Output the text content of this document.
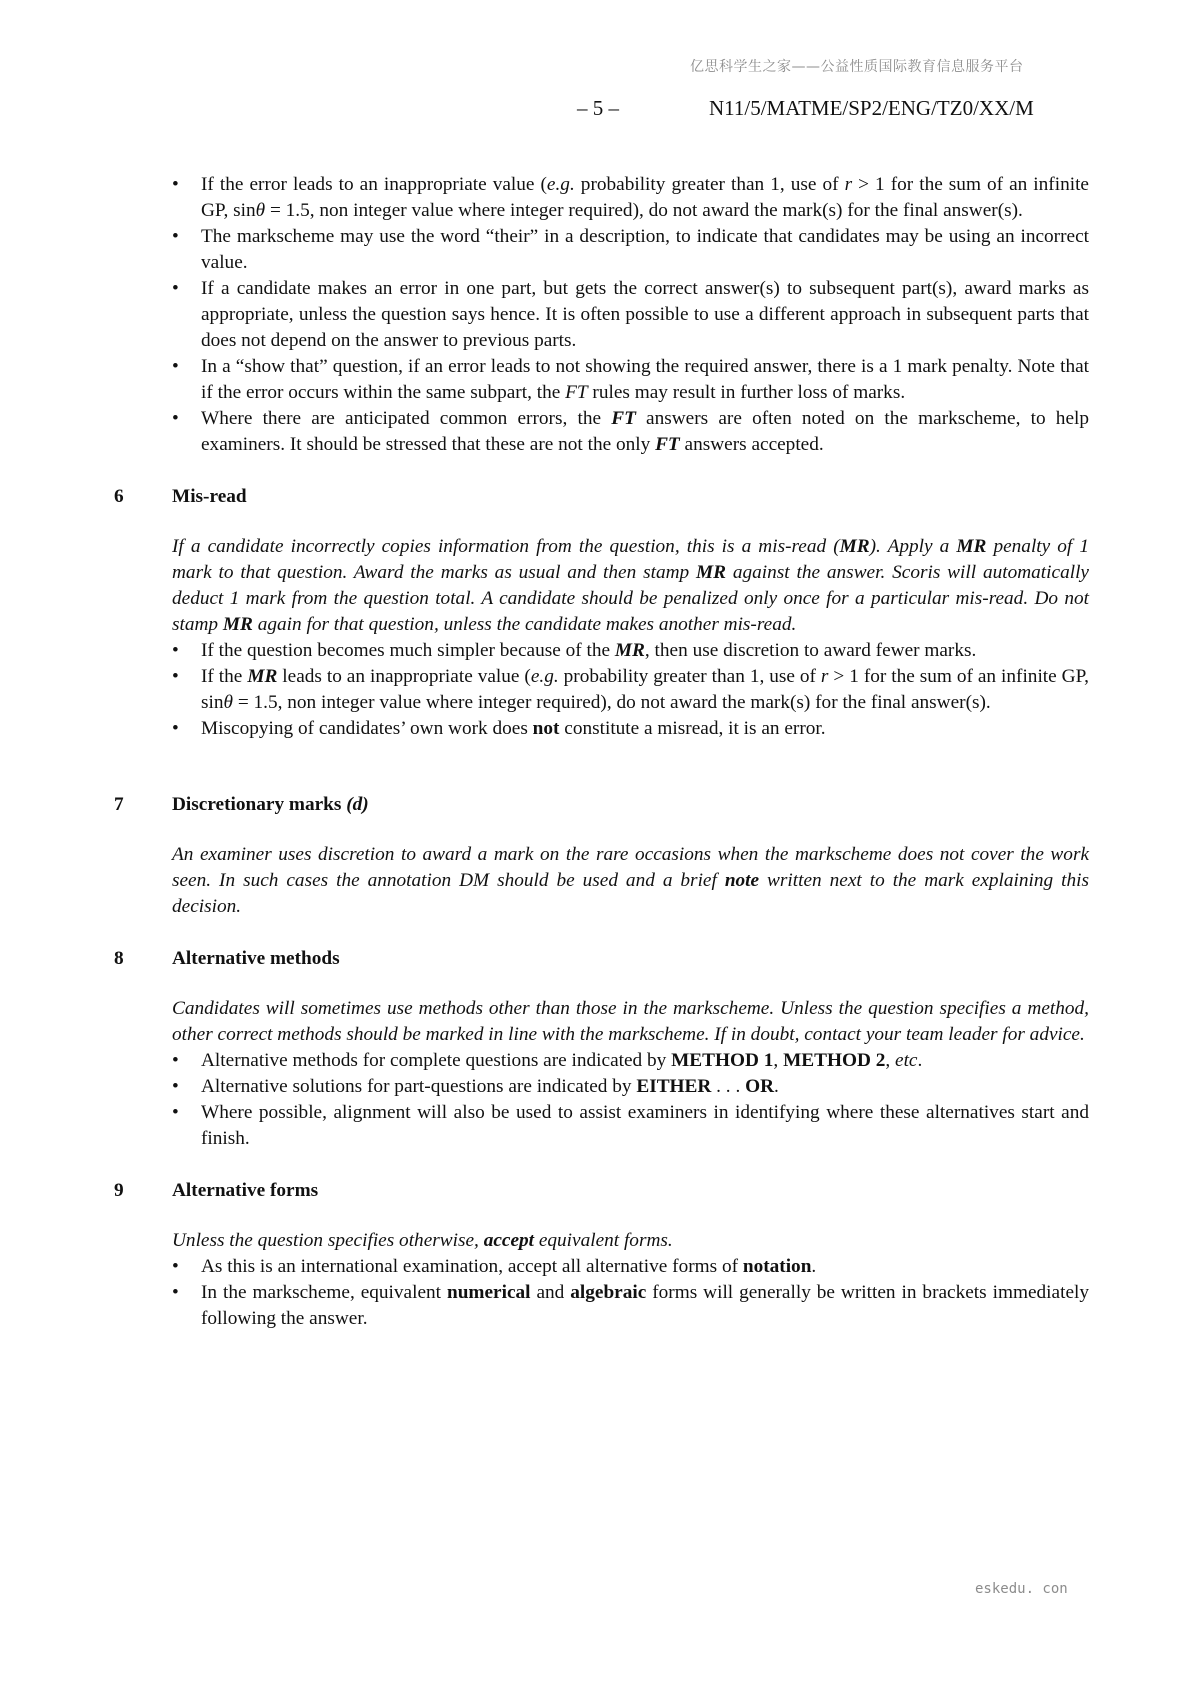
亿思科学生之家——公益性质国际教育信息服务平台
– 5 –	N11/5/MATME/SP2/ENG/TZ0/XX/M
• If the error leads to an inappropriate value (e.g. probability greater than 1, use of r > 1 for the sum of an infinite GP, sinθ = 1.5, non integer value where integer required), do not award the mark(s) for the final answer(s).
• The markscheme may use the word “their” in a description, to indicate that candidates may be using an incorrect value.
• If a candidate makes an error in one part, but gets the correct answer(s) to subsequent part(s), award marks as appropriate, unless the question says hence. It is often possible to use a different approach in subsequent parts that does not depend on the answer to previous parts.
• In a “show that” question, if an error leads to not showing the required answer, there is a 1 mark penalty. Note that if the error occurs within the same subpart, the FT rules may result in further loss of marks.
• Where there are anticipated common errors, the FT answers are often noted on the markscheme, to help examiners. It should be stressed that these are not the only FT answers accepted.
6	Mis-read
If a candidate incorrectly copies information from the question, this is a mis-read (MR). Apply a MR penalty of 1 mark to that question. Award the marks as usual and then stamp MR against the answer. Scoris will automatically deduct 1 mark from the question total. A candidate should be penalized only once for a particular mis-read. Do not stamp MR again for that question, unless the candidate makes another mis-read.
• If the question becomes much simpler because of the MR, then use discretion to award fewer marks.
• If the MR leads to an inappropriate value (e.g. probability greater than 1, use of r > 1 for the sum of an infinite GP, sinθ = 1.5, non integer value where integer required), do not award the mark(s) for the final answer(s).
• Miscopying of candidates’ own work does not constitute a misread, it is an error.
7	Discretionary marks (d)
An examiner uses discretion to award a mark on the rare occasions when the markscheme does not cover the work seen. In such cases the annotation DM should be used and a brief note written next to the mark explaining this decision.
8	Alternative methods
Candidates will sometimes use methods other than those in the markscheme. Unless the question specifies a method, other correct methods should be marked in line with the markscheme. If in doubt, contact your team leader for advice.
• Alternative methods for complete questions are indicated by METHOD 1, METHOD 2, etc.
• Alternative solutions for part-questions are indicated by EITHER . . . OR.
• Where possible, alignment will also be used to assist examiners in identifying where these alternatives start and finish.
9	Alternative forms
Unless the question specifies otherwise, accept equivalent forms.
• As this is an international examination, accept all alternative forms of notation.
• In the markscheme, equivalent numerical and algebraic forms will generally be written in brackets immediately following the answer.
eskedu. con
